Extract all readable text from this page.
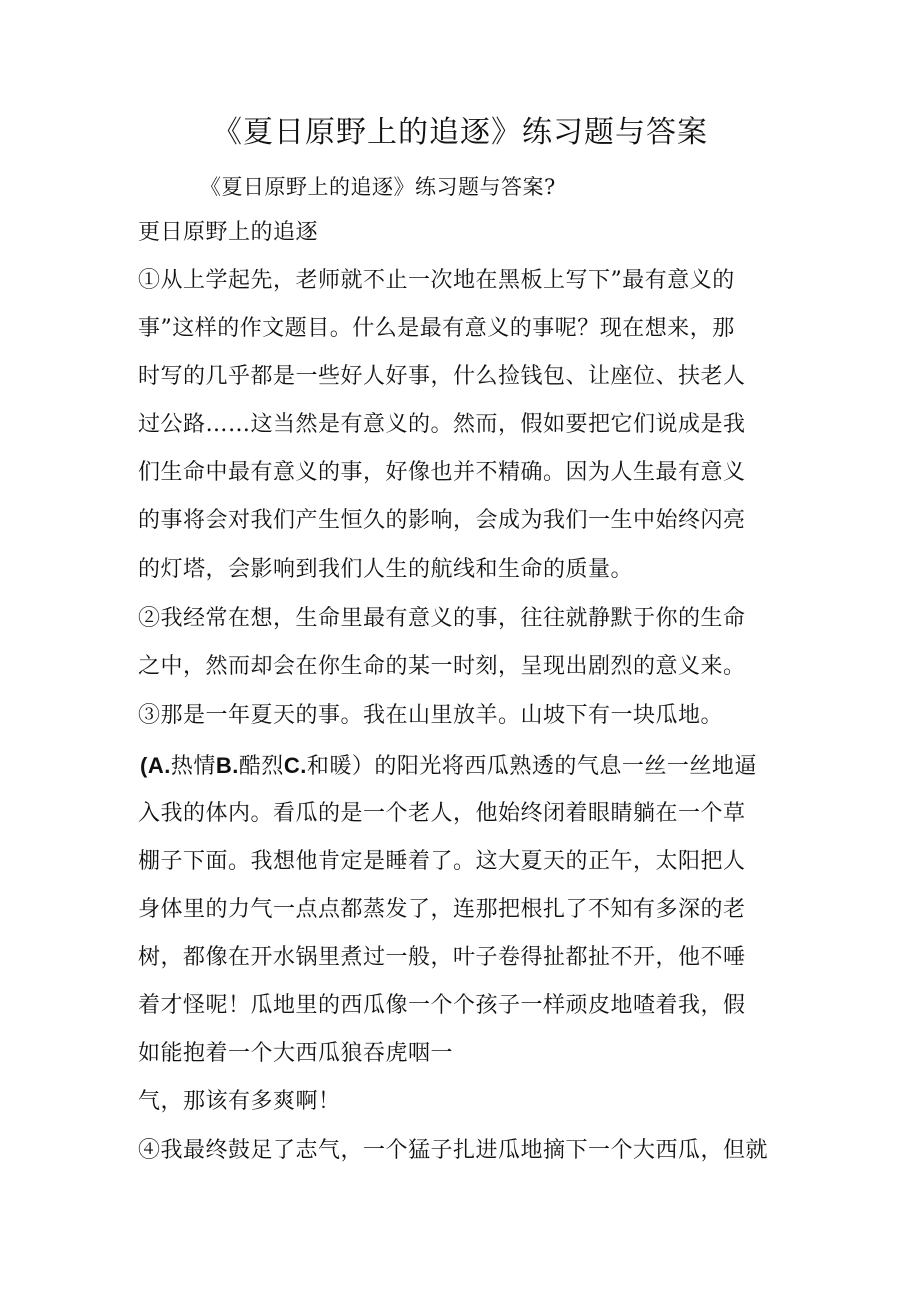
《夏日原野上的追逐》练习题与答案
《夏日原野上的追逐》练习题与答案?
更日原野上的追逐
①从上学起先，老师就不止一次地在黑板上写下”最有意义的
事”这样的作文题目。什么是最有意义的事呢？现在想来，那
时写的几乎都是一些好人好事，什么捡钱包、让座位、扶老人
过公路……这当然是有意义的。然而，假如要把它们说成是我
们生命中最有意义的事，好像也并不精确。因为人生最有意义
的事将会对我们产生恒久的影响，会成为我们一生中始终闪亮
的灯塔，会影响到我们人生的航线和生命的质量。
②我经常在想，生命里最有意义的事，往往就静默于你的生命
之中，然而却会在你生命的某一时刻，呈现出剧烈的意义来。
③那是一年夏天的事。我在山里放羊。山坡下有一块瓜地。
(A.热情B.酷烈C.和暖）的阳光将西瓜熟透的气息一丝一丝地逼
入我的体内。看瓜的是一个老人，他始终闭着眼睛躺在一个草
棚子下面。我想他肯定是睡着了。这大夏天的正午，太阳把人
身体里的力气一点点都蒸发了，连那把根扎了不知有多深的老
树，都像在开水锅里煮过一般，叶子卷得扯都扯不开，他不唾
着才怪呢！瓜地里的西瓜像一个个孩子一样顽皮地喳着我，假
如能抱着一个大西瓜狼吞虎咽一
气，那该有多爽啊！
④我最终鼓足了志气，一个猛子扎进瓜地摘下一个大西瓜，但就
